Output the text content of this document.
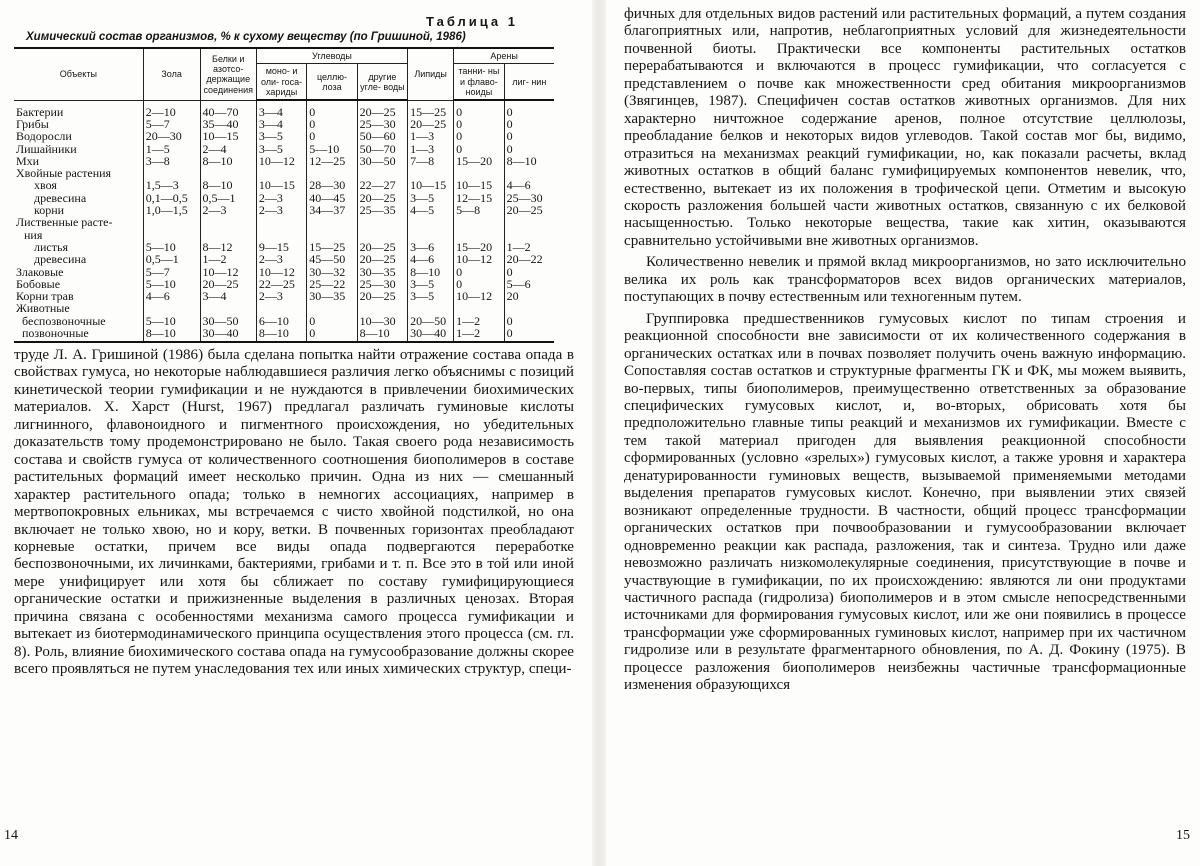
Таблица 1
Химический состав организмов, % к сухому веществу (по Гришиной, 1986)
Объекты	Зола	Белки и азотсо- держащие соединения	Углеводы	Липиды	Арены
моно- и оли- госа- хариды	целлю- лоза	другие угле- воды	танни- ны и флаво- ноиды	лиг- нин
Бактерии	2—10	40—70	3—4	0	20—25	15—25	0	0
Грибы	5—7	35—40	3—4	0	25—30	20—25	0	0
Водоросли	20—30	10—15	3—5	0	50—60	1—3	0	0
Лишайники	1—5	2—4	3—5	5—10	50—70	1—3	0	0
Мхи	3—8	8—10	10—12	12—25	30—50	7—8	15—20	8—10
Хвойные растения								
хвоя	1,5—3	8—10	10—15	28—30	22—27	10—15	10—15	4—6
древесина	0,1—0,5	0,5—1	2—3	40—45	20—25	3—5	12—15	25—30
корни	1,0—1,5	2—3	2—3	34—37	25—35	4—5	5—8	20—25
Лиственные расте-								
ния								
листья	5—10	8—12	9—15	15—25	20—25	3—6	15—20	1—2
древесина	0,5—1	1—2	2—3	45—50	20—25	4—6	10—12	20—22
Злаковые	5—7	10—12	10—12	30—32	30—35	8—10	0	0
Бобовые	5—10	20—25	22—25	25—22	25—30	3—5	0	5—6
Корни трав	4—6	3—4	2—3	30—35	20—25	3—5	10—12	20
Животные								
беспозвоночные	5—10	30—50	6—10	0	10—30	20—50	1—2	0
позвоночные	8—10	30—40	8—10	0	8—10	30—40	1—2	0

труде Л. А. Гришиной (1986) была сделана попытка найти отражение состава опада в свойствах гумуса, но некоторые наблюдавшиеся различия легко объяснимы с позиций кинетической теории гумификации и не нуждаются в привлечении биохимических материалов. Х. Харст (Hurst, 1967) предлагал различать гуминовые кислоты лигнинного, флавоноидного и пигментного происхождения, но убедительных доказательств тому продемонстрировано не было. Такая своего рода независимость состава и свойств гумуса от количественного соотношения биополимеров в составе растительных формаций имеет несколько причин. Одна из них — смешанный характер растительного опада; только в немногих ассоциациях, например в мертвопокровных ельниках, мы встречаемся с чисто хвойной подстилкой, но она включает не только хвою, но и кору, ветки. В почвенных горизонтах преобладают корневые остатки, причем все виды опада подвергаются переработке беспозвоночными, их личинками, бактериями, грибами и т. п. Все это в той или иной мере унифицирует или хотя бы сближает по составу гумифицирующиеся органические остатки и прижизненные выделения в различных ценозах. Вторая причина связана с особенностями механизма самого процесса гумификации и вытекает из биотермодинамического принципа осуществления этого процесса (см. гл. 8). Роль, влияние биохимического состава опада на гумусообразование должны скорее всего проявляться не путем унаследования тех или иных химических структур, специ-

14

фичных для отдельных видов растений или растительных формаций, а путем создания благоприятных или, напротив, неблагоприятных условий для жизнедеятельности почвенной биоты. Практически все компоненты растительных остатков перерабатываются и включаются в процесс гумификации, что согласуется с представлением о почве как множественности сред обитания микроорганизмов (Звягинцев, 1987). Специфичен состав остатков животных организмов. Для них характерно ничтожное содержание аренов, полное отсутствие целлюлозы, преобладание белков и некоторых видов углеводов. Такой состав мог бы, видимо, отразиться на механизмах реакций гумификации, но, как показали расчеты, вклад животных остатков в общий баланс гумифицируемых компонентов невелик, что, естественно, вытекает из их положения в трофической цепи. Отметим и высокую скорость разложения большей части животных остатков, связанную с их белковой насыщенностью. Только некоторые вещества, такие как хитин, оказываются сравнительно устойчивыми вне животных организмов.

Количественно невелик и прямой вклад микроорганизмов, но зато исключительно велика их роль как трансформаторов всех видов органических материалов, поступающих в почву естественным или техногенным путем.

Группировка предшественников гумусовых кислот по типам строения и реакционной способности вне зависимости от их количественного содержания в органических остатках или в почвах позволяет получить очень важную информацию. Сопоставляя состав остатков и структурные фрагменты ГК и ФК, мы можем выявить, во-первых, типы биополимеров, преимущественно ответственных за образование специфических гумусовых кислот, и, во-вторых, обрисовать хотя бы предположительно главные типы реакций и механизмов их гумификации. Вместе с тем такой материал пригоден для выявления реакционной способности сформированных (условно «зрелых») гумусовых кислот, а также уровня и характера денатурированности гуминовых веществ, вызываемой применяемыми методами выделения препаратов гумусовых кислот. Конечно, при выявлении этих связей возникают определенные трудности. В частности, общий процесс трансформации органических остатков при почвообразовании и гумусообразовании включает одновременно реакции как распада, разложения, так и синтеза. Трудно или даже невозможно различать низкомолекулярные соединения, присутствующие в почве и участвующие в гумификации, по их происхождению: являются ли они продуктами частичного распада (гидролиза) биополимеров и в этом смысле непосредственными источниками для формирования гумусовых кислот, или же они появились в процессе трансформации уже сформированных гуминовых кислот, например при их частичном гидролизе или в результате фрагментарного обновления, по А. Д. Фокину (1975). В процессе разложения биополимеров неизбежны частичные трансформационные изменения образующихся

15
